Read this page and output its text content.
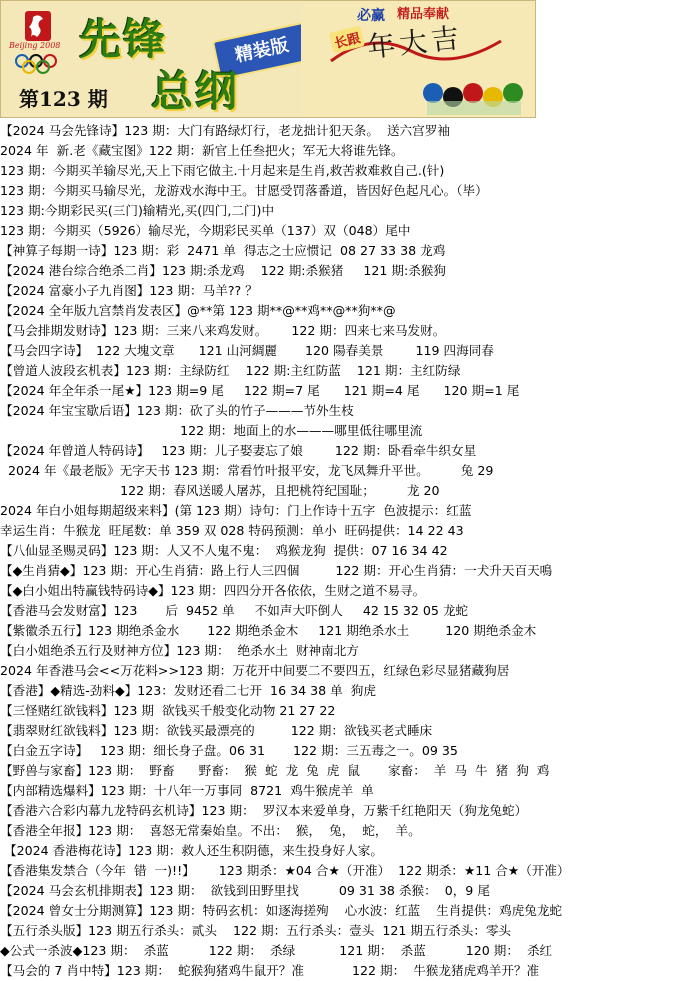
Beijing 2008 先锋	精装版
总纲
第123 期
必赢 精品奉献
长跟 年大吉
【2024 马会先锋诗】123 期：大门有路绿灯行，老龙拙计犯天条。  送六宫罗袖
2024 年  新.老《藏宝图》122 期：新官上任叁把火；军无大将谁先锋。
123 期：今期买羊输尽光,天上下雨它做主.十月起来是生肖,救苦救难救自己.(针)
123 期：今期买马输尽光，龙游戏水海中王。甘愿受罚落番道，皆因好色起凡心。（毕）
123 期:今期彩民买(三门)输精光,买(四门,二门)中
123 期：今期买（5926）输尽光，今期彩民买单（137）双（048）尾中
【神算子每期一诗】123 期：彩  2471 单  得志之士应惯记  08 27 33 38 龙鸡
【2024 港台综合绝杀二肖】123 期:杀龙鸡    122 期:杀猴猪     121 期:杀猴狗
【2024 富豪小子九肖图】123 期：马羊?? ？
【2024 全年版九宫禁肖发表区】@**第 123 期**@**鸡**@**狗**@
【马会排期发财诗】123 期：三来八来鸡发财。      122 期：四来七来马发财。
【马会四字诗】  122 大塊文章      121 山河綢麗       120 陽春美景        119 四海同春
【曾道人波段玄机表】123 期：主绿防红    122 期:主红防蓝    121 期：主红防绿
【2024 年全年杀一尾★】123 期=9 尾     122 期=7 尾      121 期=4 尾      120 期=1 尾
【2024 年宝宝歇后语】123 期：砍了头的竹子———节外生枝
122 期：地面上的水———哪里低往哪里流
【2024 年曾道人特码诗】   123 期：儿子娶妻忘了娘        122 期：卧看牵牛织女星
2024 年《最老版》无字天书 123 期：常看竹叶报平安，龙飞凤舞升平世。        兔 29
122 期：春风送暖人屠苏，且把桃符纪国耻；        龙 20
2024 年白小姐每期超级来料】(第 123 期）诗句：门上作诗十五字  色波提示：红蓝
幸运生肖：牛猴龙  旺尾数：单 359 双 028 特码预测：单小  旺码提供：14 22 43
【八仙显圣赐灵码】123 期：人又不人鬼不鬼：  鸡猴龙狗  提供：07 16 34 42
【◆生肖猜◆】123 期：开心生肖猜：路上行人三四個         122 期：开心生肖猜：一犬升天百天鳴
【◆白小姐出特赢钱特码诗◆】123 期：四四分开各依依，生财之道不易寻。
【香港马会发财富】123       后  9452 单     不如声大吓倒人     42 15 32 05 龙蛇
【紫徽杀五行】123 期绝杀金水       122 期绝杀金木     121 期绝杀水土         120 期绝杀金木
【白小姐绝杀五行及财神方位】123 期：  绝杀水土  财神南北方
2024 年香港马会<<万花料>>123 期：万花开中间要二不要四五，红绿色彩尽显猪藏狗居
【香港】◆精选-劲料◆】123：发财还看二七开  16 34 38 单  狗虎
【三怪赌红欲钱料】123 期  欲钱买千般变化动物 21 27 22
【翡翠财红欲钱料】123 期：欲钱买最漂亮的         122 期：欲钱买老式睡床
【白金五字诗】   123 期：细长身子盘。06 31       122 期：三五毒之一。09 35
【野兽与家畜】123 期：  野畜      野畜：  猴  蛇  龙  兔  虎  鼠       家畜：  羊  马  牛  猪  狗  鸡
【内部精选爆料】123 期：十八年一万事同  8721  鸡牛猴虎羊  单
【香港六合彩内幕九龙特码玄机诗】123 期：  罗汉本来爱单身，万紫千红艳阳天（狗龙兔蛇）
【香港全年报】123 期：  喜怒无常秦始皇。不出：  猴，  兔，  蛇，  羊。
【2024 香港梅花诗】123 期：救人还生积阴德，来生投身好人家。
【香港集发禁合（今年  错  一)!!】      123 期杀：★04 合★（开准）  122 期杀：★11 合★（开准）
【2024 马会玄机排期表】123 期：  欲钱到田野里找          09 31 38 杀猴：  0，9 尾
【2024 曾女士分期测算】123 期：特码玄机：如逐海搓殉    心水波：红蓝    生肖提供：鸡虎兔龙蛇
【五行杀头版】123 期五行杀头：贰头    122 期：五行杀头：壹头  121 期五行杀头：零头
◆公式一杀波◆123 期：  杀蓝          122 期：  杀绿           121 期：  杀蓝          120 期：  杀红
【马会的 7 肖中特】123 期：  蛇猴狗猪鸡牛鼠开？准            122 期：  牛猴龙猪虎鸡羊开？准
